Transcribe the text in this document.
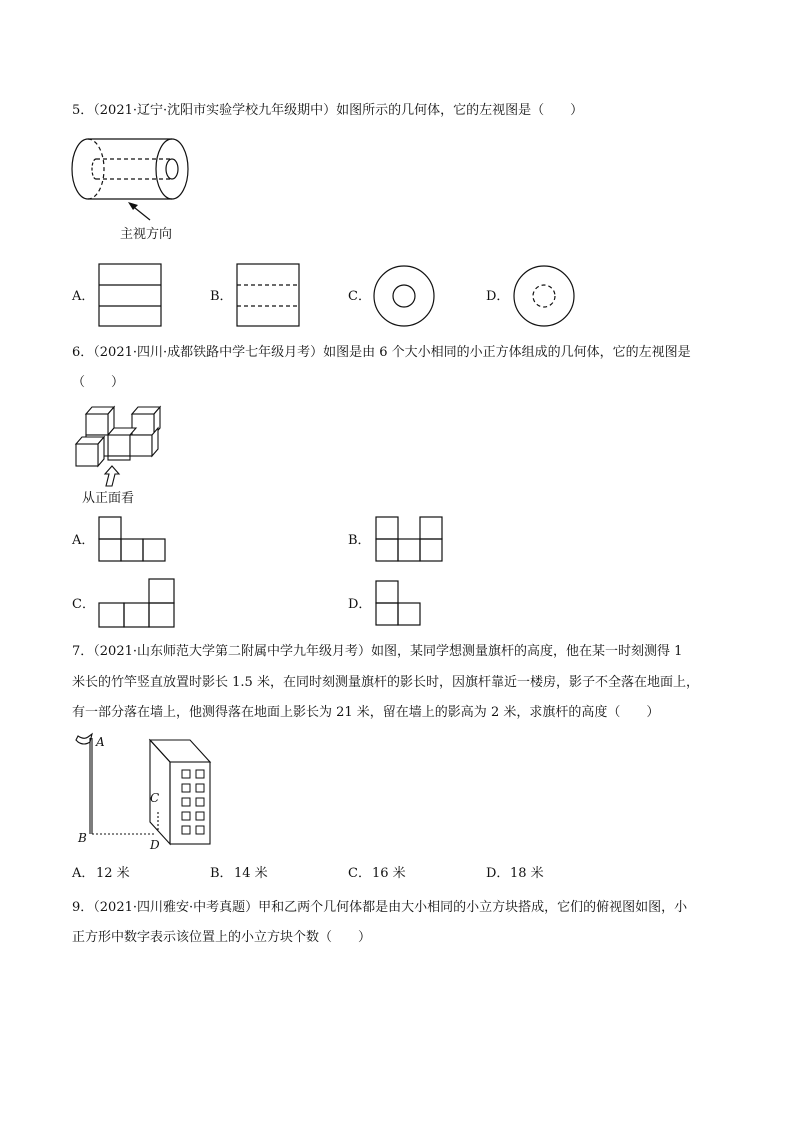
5．（2021·辽宁·沈阳市实验学校九年级期中）如图所示的几何体，它的左视图是（　　）
主视方向
A．	B．	C．	D．
6．（2021·四川·成都铁路中学七年级月考）如图是由 6 个大小相同的小正方体组成的几何体，它的左视图是
（　　）
从正面看
A．	B．
C．	D．
7．（2021·山东师范大学第二附属中学九年级月考）如图，某同学想测量旗杆的高度，他在某一时刻测得 1
米长的竹竿竖直放置时影长 1.5 米，在同时刻测量旗杆的影长时，因旗杆靠近一楼房，影子不全落在地面上，
有一部分落在墙上，他测得落在地面上影长为 21 米，留在墙上的影高为 2 米，求旗杆的高度（　　）
A
B
C
D
A． 12 米	B． 14 米	C． 16 米	D． 18 米
9．（2021·四川雅安·中考真题）甲和乙两个几何体都是由大小相同的小立方块搭成，它们的俯视图如图，小
正方形中数字表示该位置上的小立方块个数（　　）
